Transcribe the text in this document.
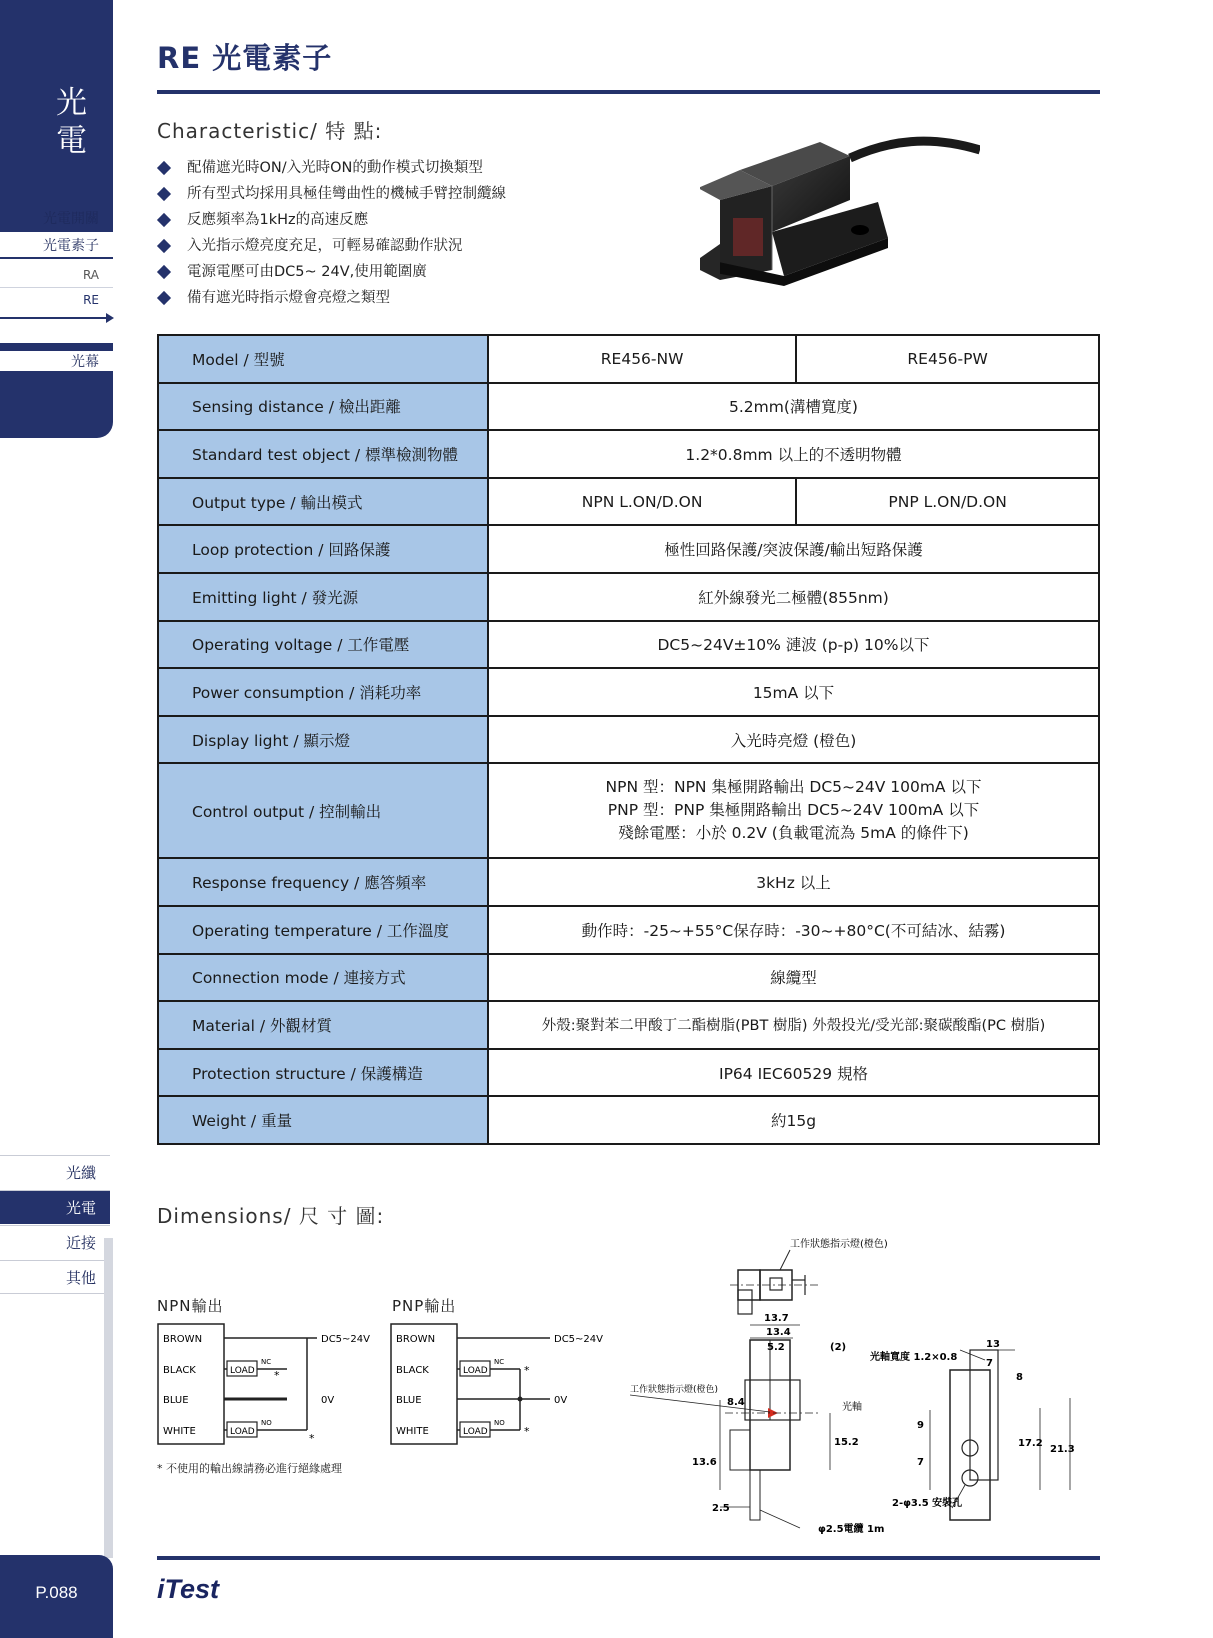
光電
光電開關
光電素子
RA
RE
光幕
光纖
光電
近接
其他
P.088
RE 光電素子
Characteristic/ 特 點:
配備遮光時ON/入光時ON的動作模式切換類型
所有型式均採用具極佳彎曲性的機械手臂控制纜線
反應頻率為1kHz的高速反應
入光指示燈亮度充足，可輕易確認動作狀況
電源電壓可由DC5~ 24V,使用範圍廣
備有遮光時指示燈會亮燈之類型
Model / 型號	RE456-NW	RE456-PW
Sensing distance / 檢出距離	5.2mm(溝槽寬度)	
Standard test object / 標準檢測物體	1.2*0.8mm 以上的不透明物體	
Output type / 輸出模式	NPN L.ON/D.ON	PNP L.ON/D.ON
Loop protection / 回路保護	極性回路保護/突波保護/輸出短路保護	
Emitting light / 發光源	紅外線發光二極體(855nm)	
Operating voltage / 工作電壓	DC5~24V±10% 漣波 (p-p) 10%以下	
Power consumption / 消耗功率	15mA 以下	
Display light / 顯示燈	入光時亮燈 (橙色)	
Control output / 控制輸出	NPN 型：NPN 集極開路輸出 DC5~24V 100mA 以下
PNP 型：PNP 集極開路輸出 DC5~24V 100mA 以下
殘餘電壓：小於 0.2V (負載電流為 5mA 的條件下)	

Response frequency / 應答頻率	3kHz 以上	
Operating temperature / 工作溫度	動作時：-25~+55°C保存時：-30~+80°C(不可結冰、結霧)	
Connection mode / 連接方式	線纜型	
Material / 外觀材質	外殼:聚對苯二甲酸丁二酯樹脂(PBT 樹脂) 外殼投光/受光部:聚碳酸酯(PC 樹脂)	
Protection structure / 保護構造	IP64 IEC60529 規格	
Weight / 重量	約15g	
Dimensions/ 尺 寸 圖:
NPN輸出
BROWN
BLACK
BLUE
WHITE
LOAD
NC
*
LOAD
NO
*
DC5~24V
0V
PNP輸出
BROWN
BLACK
BLUE
WHITE
LOAD
NC
*
LOAD
NO
*
DC5~24V
0V
* 不使用的輸出線請務必進行絕緣處理
工作狀態指示燈(橙色)
13.7
13.4
5.2	(2)
工作狀態指示燈(橙色)
8.4	光軸
15.2
13.6
2.5
φ2.5電纜 1m
光軸寬度 1.2×0.8
13
7
8
9
7
17.2
21.3
2-φ3.5 安裝孔
iTest
